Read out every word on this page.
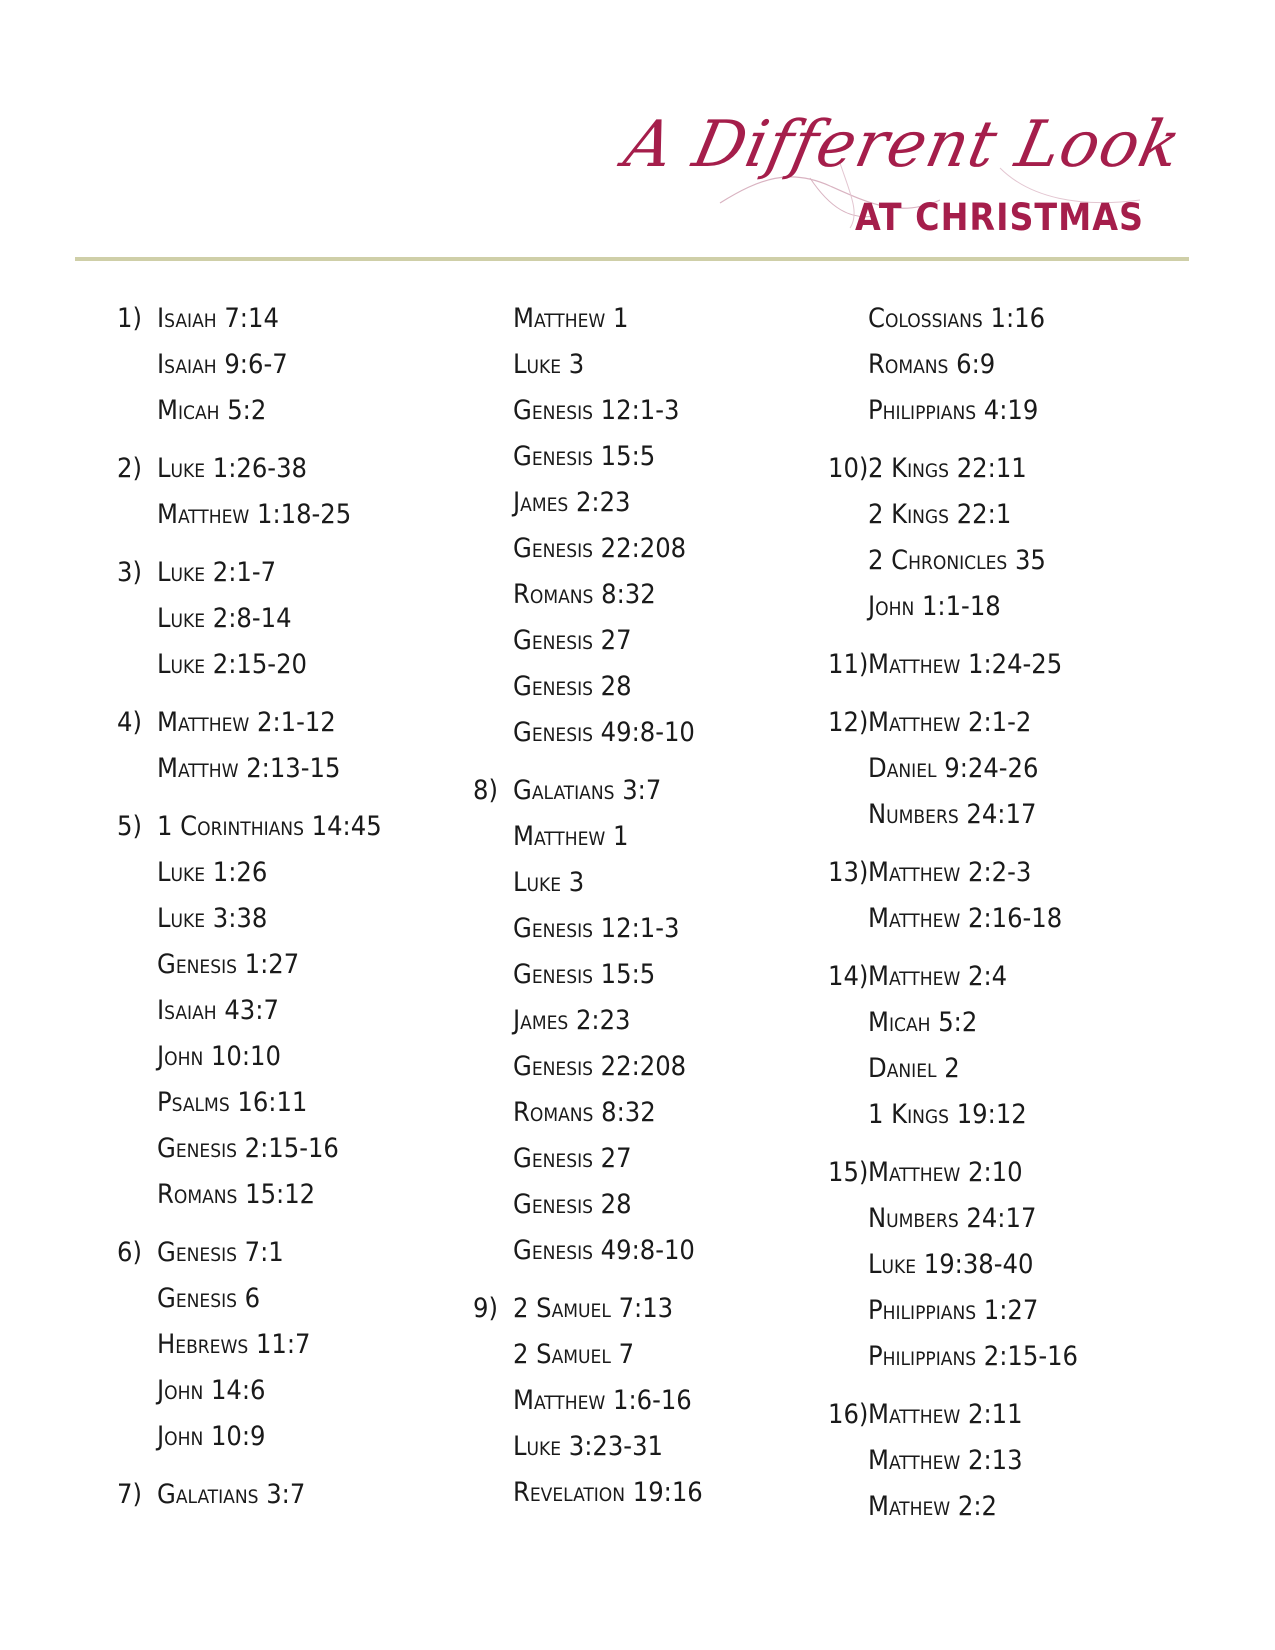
A Different Look
AT CHRISTMAS
1) Isaiah 7:14
Isaiah 9:6-7
Micah 5:2
2) Luke 1:26-38
Matthew 1:18-25
3) Luke 2:1-7
Luke 2:8-14
Luke 2:15-20
4) Matthew 2:1-12
Matthw 2:13-15
5) 1 Corinthians 14:45
Luke 1:26
Luke 3:38
Genesis 1:27
Isaiah 43:7
John 10:10
Psalms 16:11
Genesis 2:15-16
Romans 15:12
6) Genesis 7:1
Genesis 6
Hebrews 11:7
John 14:6
John 10:9
7) Galatians 3:7
Matthew 1
Luke 3
Genesis 12:1-3
Genesis 15:5
James 2:23
Genesis 22:208
Romans 8:32
Genesis 27
Genesis 28
Genesis 49:8-10
8) Galatians 3:7
Matthew 1
Luke 3
Genesis 12:1-3
Genesis 15:5
James 2:23
Genesis 22:208
Romans 8:32
Genesis 27
Genesis 28
Genesis 49:8-10
9) 2 Samuel 7:13
2 Samuel 7
Matthew 1:6-16
Luke 3:23-31
Revelation 19:16
Colossians 1:16
Romans 6:9
Philippians 4:19
10) 2 Kings 22:11
2 Kings 22:1
2 Chronicles 35
John 1:1-18
11) Matthew 1:24-25
12) Matthew 2:1-2
Daniel 9:24-26
Numbers 24:17
13) Matthew 2:2-3
Matthew 2:16-18
14) Matthew 2:4
Micah 5:2
Daniel 2
1 Kings 19:12
15) Matthew 2:10
Numbers 24:17
Luke 19:38-40
Philippians 1:27
Philippians 2:15-16
16) Matthew 2:11
Matthew 2:13
Mathew 2:2
